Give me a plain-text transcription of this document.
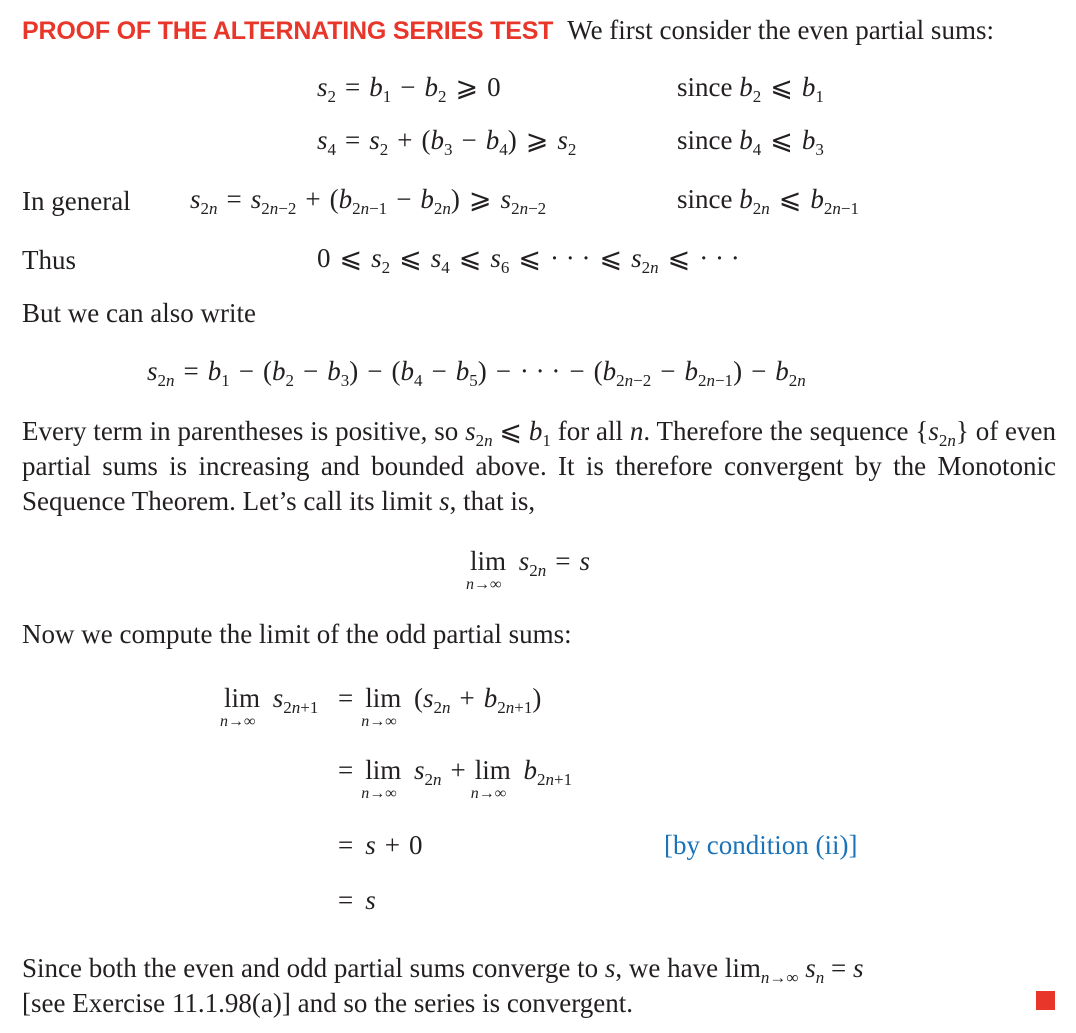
PROOF OF THE ALTERNATING SERIES TEST We first consider the even partial sums:
$s_2 = b_1 - b_2$ ⩾ 0	since $b_2$ ⩽ $b_1$
$s_4 = s_2 + (b_3 - b_4)$ ⩾ $s_2$	since $b_4$ ⩽ $b_3$
In general $s_{2n} = s_{2n-2} + (b_{2n-1} - b_{2n})$ ⩾ $s_{2n-2}$	since $b_{2n}$ ⩽ $b_{2n-1}$
Thus	0 ⩽ $s_2$ ⩽ $s_4$ ⩽ $s_6$ ⩽ · · · ⩽ $s_{2n}$ ⩽ · · ·
But we can also write
$s_{2n} = b_1 - (b_2 - b_3) - (b_4 - b_5)$ − · · · − $(b_{2n-2} - b_{2n-1}) - b_{2n}$
Every term in parentheses is positive, so $s_{2n}$ ⩽ $b_1$ for all n. Therefore the sequence $\{s_{2n}\}$ of even partial sums is increasing and bounded above. It is therefore convergent by the Monotonic Sequence Theorem. Let’s call its limit s, that is,
lim
n→∞
$s_{2n} = s$
Now we compute the limit of the odd partial sums:
lim
n→∞
$s_{2n+1} = \lim$
n→∞
$(s_{2n} + b_{2n+1})$
= lim
n→∞
$s_{2n} + \lim$
n→∞
$b_{2n+1}$
= s + 0	[by condition (ii)]
= s
Since both the even and odd partial sums converge to s, we have $\lim_{n\to\infty} s_n = s$
[see Exercise 11.1.98(a)] and so the series is convergent.
